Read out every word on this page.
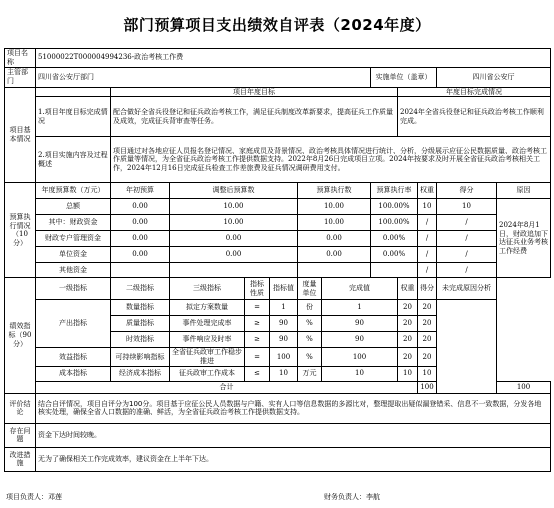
部门预算项目支出绩效自评表（2024年度）
项目名称	51000022T000004994236-政治考核工作费											
主管部门	四川省公安厅部门							实施单位（盖章）			四川省公安厅	
项目基本情况		项目年度目标							年度目标完成情况			
	1.项目年度目标完成情况	配合做好全省兵役登记和征兵政治考核工作，满足征兵制度改革新要求，提高征兵工作质量及成效，完成征兵背审查等任务。							2024年全省兵役登记和征兵政治考核工作顺利完成。			
	2.项目实施内容及过程概述	项目通过对各地应征人员报名登记情况、家庭成员及背景情况、政治考核具体情况进行统计、分析，分级展示应征公民数据质量、政治考核工作质量等情况，为全省征兵政治考核工作提供数据支持。2022年8月26日完成项目立项。2024年按要求及时开展全省征兵政治考核相关工作，2024年12月16日完成征兵检查工作差旅费及征兵情况调研费用支付。										
预算执行情况（10分）	年度预算数（万元）	年初预算	调整后预算数			预算执行数		预算执行率		权重	得分	原因
	总额	0.00	10.00			10.00		100.00%		10	10	2024年8月1日，财政追加下达征兵业务考核工作经费
	其中：财政资金	0.00	10.00			10.00		100.00%		/	/	
	财政专户管理资金	0.00	0.00			0.00		0.00%		/	/	
	单位资金	0.00	0.00			0.00		0.00%		/	/	
	其他资金									/	/	
绩效指标（90分）	一级指标	二级指标	三级指标	指标性质	指标值	度量单位	完成值		权重	得分	未完成原因分析	
	产出指标	数量指标	拟定方案数量	=	1	份	1		20	20		
		质量指标	事件处理完成率	≥	90	%	90		20	20		
		时效指标	事件响应及时率	≥	90	%	90		20	20		
	效益指标	可持续影响指标	全省征兵政审工作稳步推进	=	100	%	100		20	20		
	成本指标	经济成本指标	征兵政审工作成本	≤	10	万元	10		10	10		
	合计									100		100
评价结论	结合自评情况，项目自评分为100分。项目基于应征公民人员数据与户籍、实有人口等信息数据的多源比对，整理提取出疑似漏登错采、信息不一致数据，分发各地核实处理，确保全省人口数据的准确、鲜活，为全省征兵政治考核工作提供数据支持。											
存在问题	资金下达时间较晚。											
改进措施	无为了确保相关工作完成效率，建议资金在上半年下达。											
项目负责人：邓莲	财务负责人：李航
